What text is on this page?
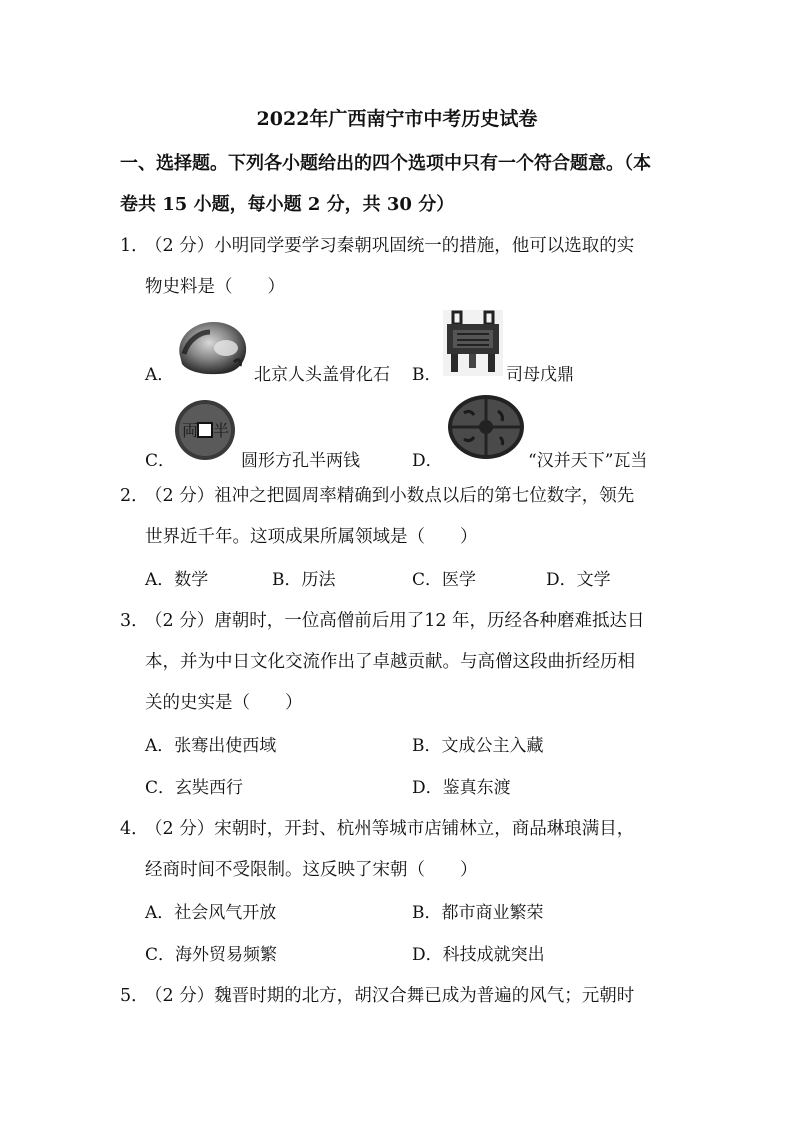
2022年广西南宁市中考历史试卷
一、选择题。下列各小题给出的四个选项中只有一个符合题意。（本
卷共 15 小题，每小题 2 分，共 30 分）
1．
（2 分）小明同学要学习秦朝巩固统一的措施，他可以选取的实
物史料是（　　）
A．	北京人头盖骨化石 B．	司母戊鼎
C．
両 半
圆形方孔半两钱	D．	“汉并天下”瓦当
2．
（2 分）祖冲之把圆周率精确到小数点以后的第七位数字，领先
世界近千年。这项成果所属领域是（　　）
A．数学	B．历法	C．医学	D．文学
3．
（2 分）唐朝时，一位高僧前后用了12 年，历经各种磨难抵达日
本，并为中日文化交流作出了卓越贡献。与高僧这段曲折经历相
关的史实是（　　）
A．张骞出使西域	B．文成公主入藏
C．玄奘西行	D．鉴真东渡
4．
（2 分）宋朝时，开封、杭州等城市店铺林立，商品琳琅满目，
经商时间不受限制。这反映了宋朝（　　）
A．社会风气开放	B．都市商业繁荣
C．海外贸易频繁	D．科技成就突出
5．
（2 分）魏晋时期的北方，胡汉合舞已成为普遍的风气；元朝时
